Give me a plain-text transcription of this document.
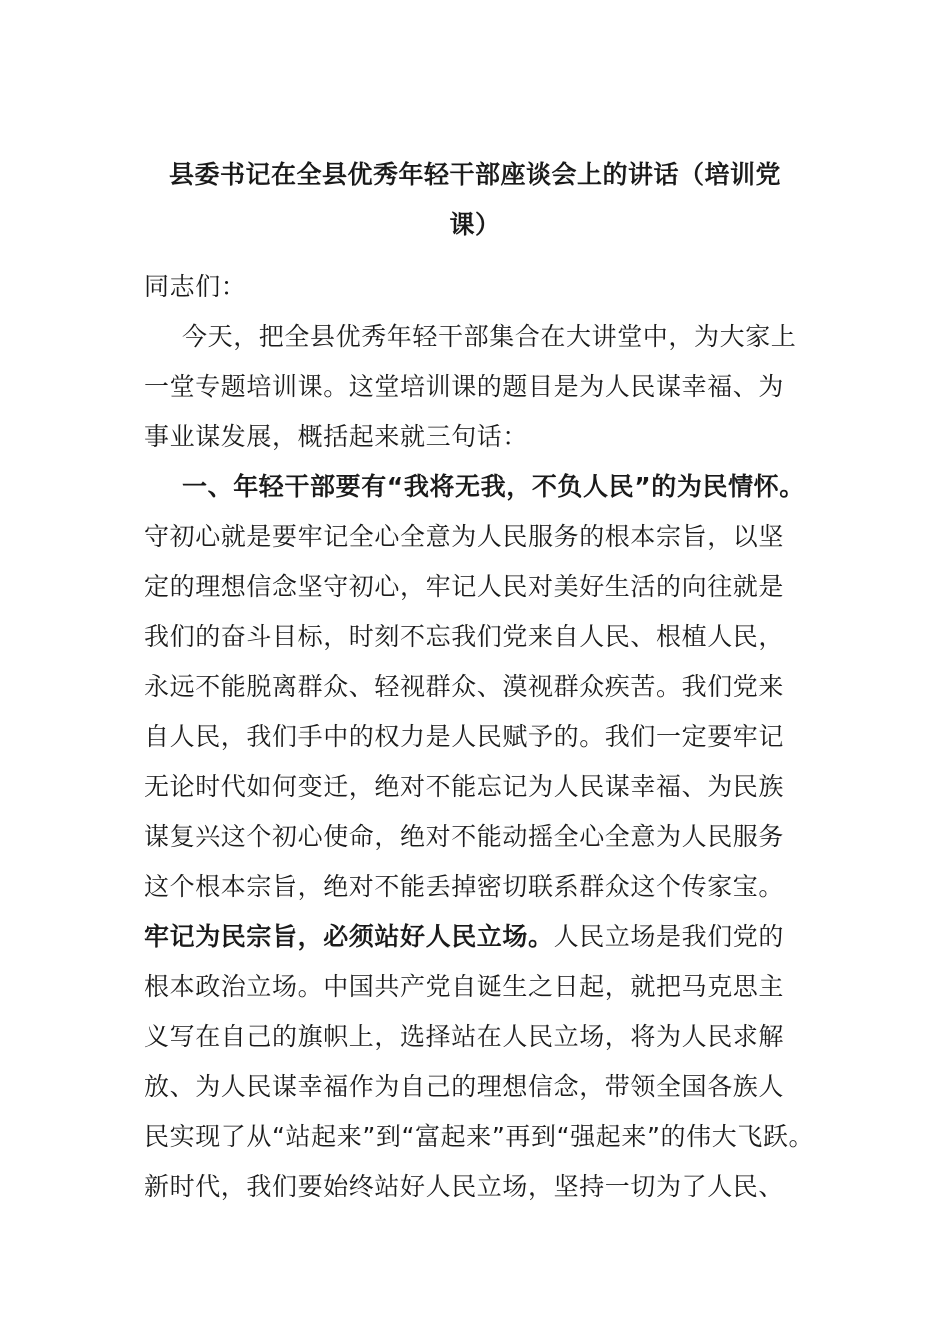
县委书记在全县优秀年轻干部座谈会上的讲话（培训党
课）
同志们：
今天，把全县优秀年轻干部集合在大讲堂中，为大家上
一堂专题培训课。这堂培训课的题目是为人民谋幸福、为
事业谋发展，概括起来就三句话：
一、年轻干部要有“我将无我，不负人民”的为民情怀。
守初心就是要牢记全心全意为人民服务的根本宗旨，以坚
定的理想信念坚守初心，牢记人民对美好生活的向往就是
我们的奋斗目标，时刻不忘我们党来自人民、根植人民，
永远不能脱离群众、轻视群众、漠视群众疾苦。我们党来
自人民，我们手中的权力是人民赋予的。我们一定要牢记
无论时代如何变迁，绝对不能忘记为人民谋幸福、为民族
谋复兴这个初心使命，绝对不能动摇全心全意为人民服务
这个根本宗旨，绝对不能丢掉密切联系群众这个传家宝。
牢记为民宗旨，必须站好人民立场。人民立场是我们党的
根本政治立场。中国共产党自诞生之日起，就把马克思主
义写在自己的旗帜上，选择站在人民立场，将为人民求解
放、为人民谋幸福作为自己的理想信念，带领全国各族人
民实现了从“站起来”到“富起来”再到“强起来”的伟大飞跃。
新时代，我们要始终站好人民立场，坚持一切为了人民、
